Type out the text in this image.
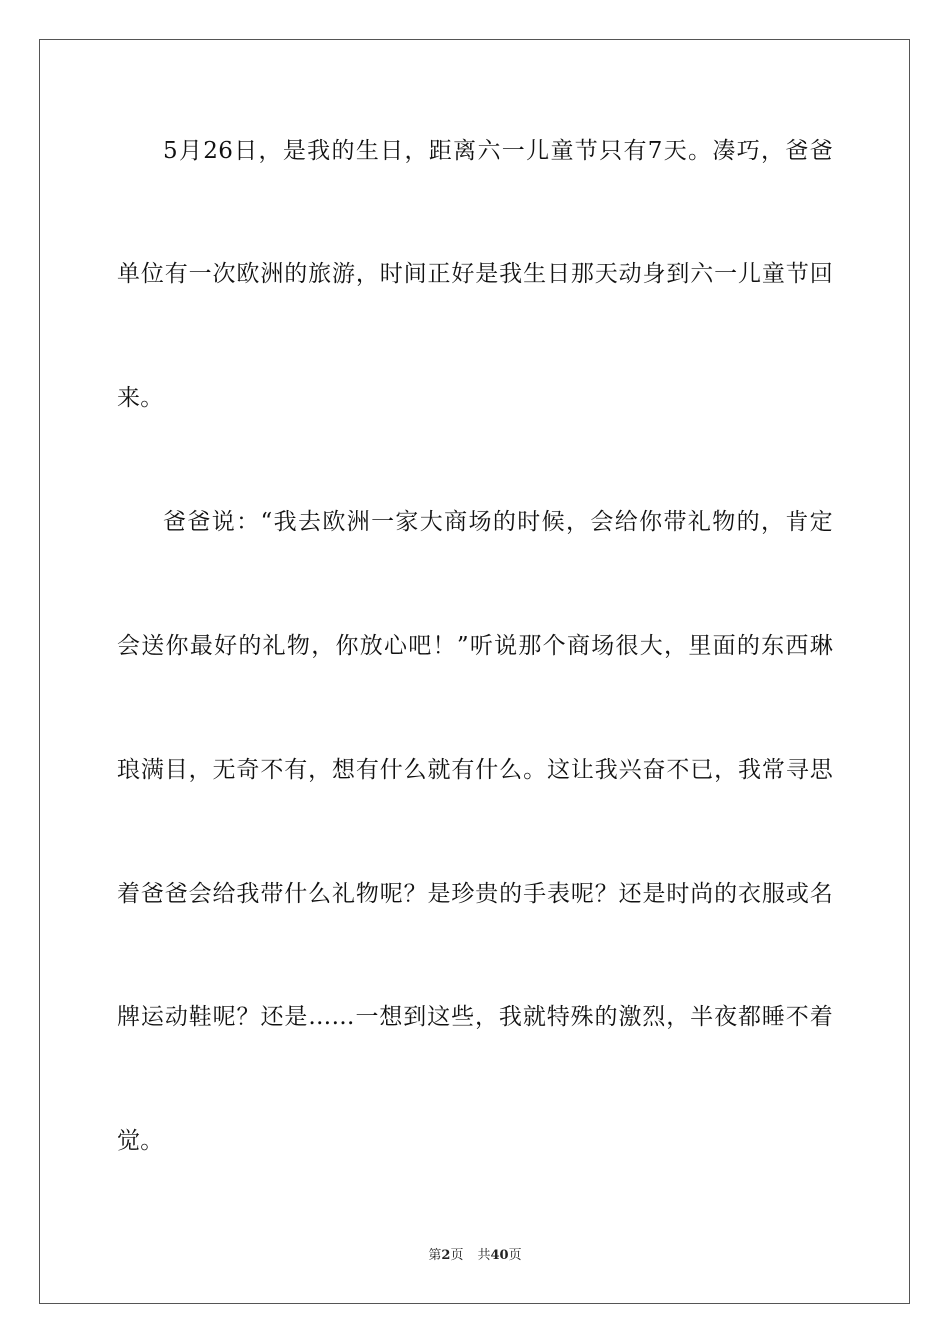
5月26日，是我的生日，距离六一儿童节只有7天。凑巧，爸爸
单位有一次欧洲的旅游，时间正好是我生日那天动身到六一儿童节回
来。
爸爸说：“我去欧洲一家大商场的时候，会给你带礼物的，肯定
会送你最好的礼物，你放心吧！”听说那个商场很大，里面的东西琳
琅满目，无奇不有，想有什么就有什么。这让我兴奋不已，我常寻思
着爸爸会给我带什么礼物呢？是珍贵的手表呢？还是时尚的衣服或名
牌运动鞋呢？还是……一想到这些，我就特殊的激烈，半夜都睡不着
觉。
第2页 共40页
